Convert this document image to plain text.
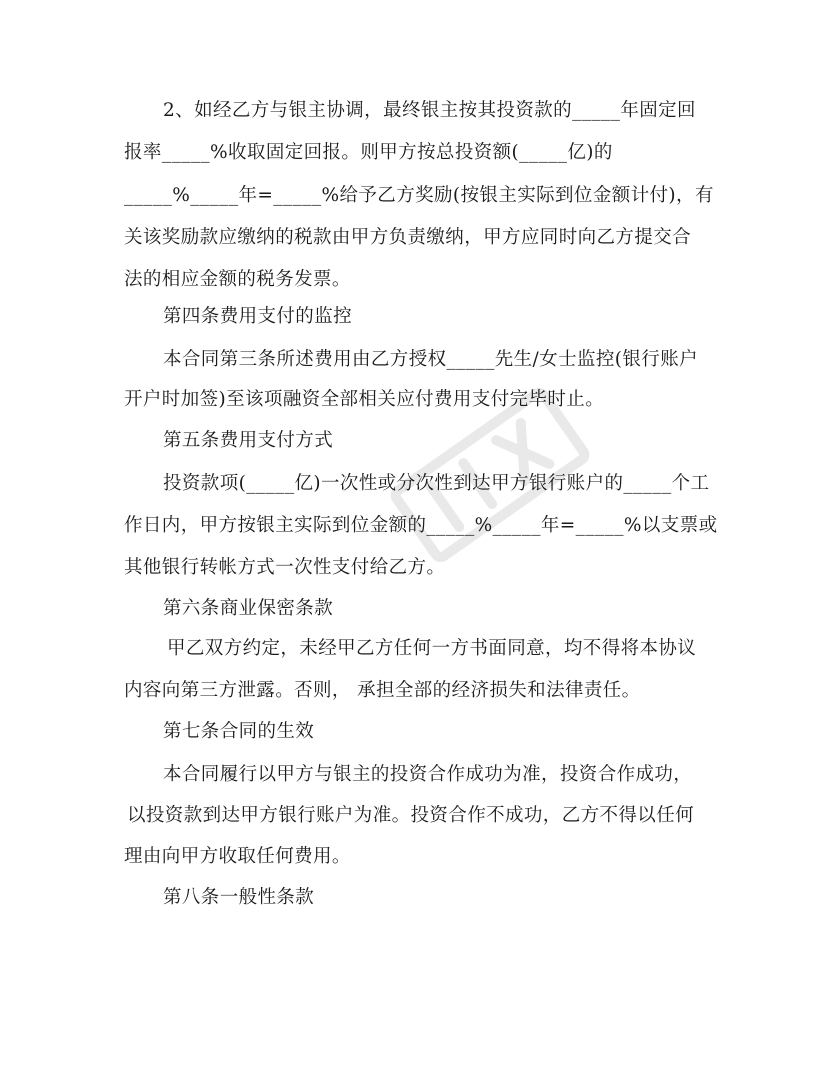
2、如经乙方与银主协调，最终银主按其投资款的_____年固定回
报率_____%收取固定回报。则甲方按总投资额(_____亿)的
_____%_____年=_____%给予乙方奖励(按银主实际到位金额计付)，有
关该奖励款应缴纳的税款由甲方负责缴纳，甲方应同时向乙方提交合
法的相应金额的税务发票。
第四条费用支付的监控
本合同第三条所述费用由乙方授权_____先生/女士监控(银行账户
开户时加签)至该项融资全部相关应付费用支付完毕时止。
第五条费用支付方式
投资款项(_____亿)一次性或分次性到达甲方银行账户的_____个工
作日内，甲方按银主实际到位金额的_____%_____年=_____%以支票或
其他银行转帐方式一次性支付给乙方。
第六条商业保密条款
甲乙双方约定，未经甲乙方任何一方书面同意，均不得将本协议
内容向第三方泄露。否则， 承担全部的经济损失和法律责任。
第七条合同的生效
本合同履行以甲方与银主的投资合作成功为准，投资合作成功，
以投资款到达甲方银行账户为准。投资合作不成功，乙方不得以任何
理由向甲方收取任何费用。
第八条一般性条款
